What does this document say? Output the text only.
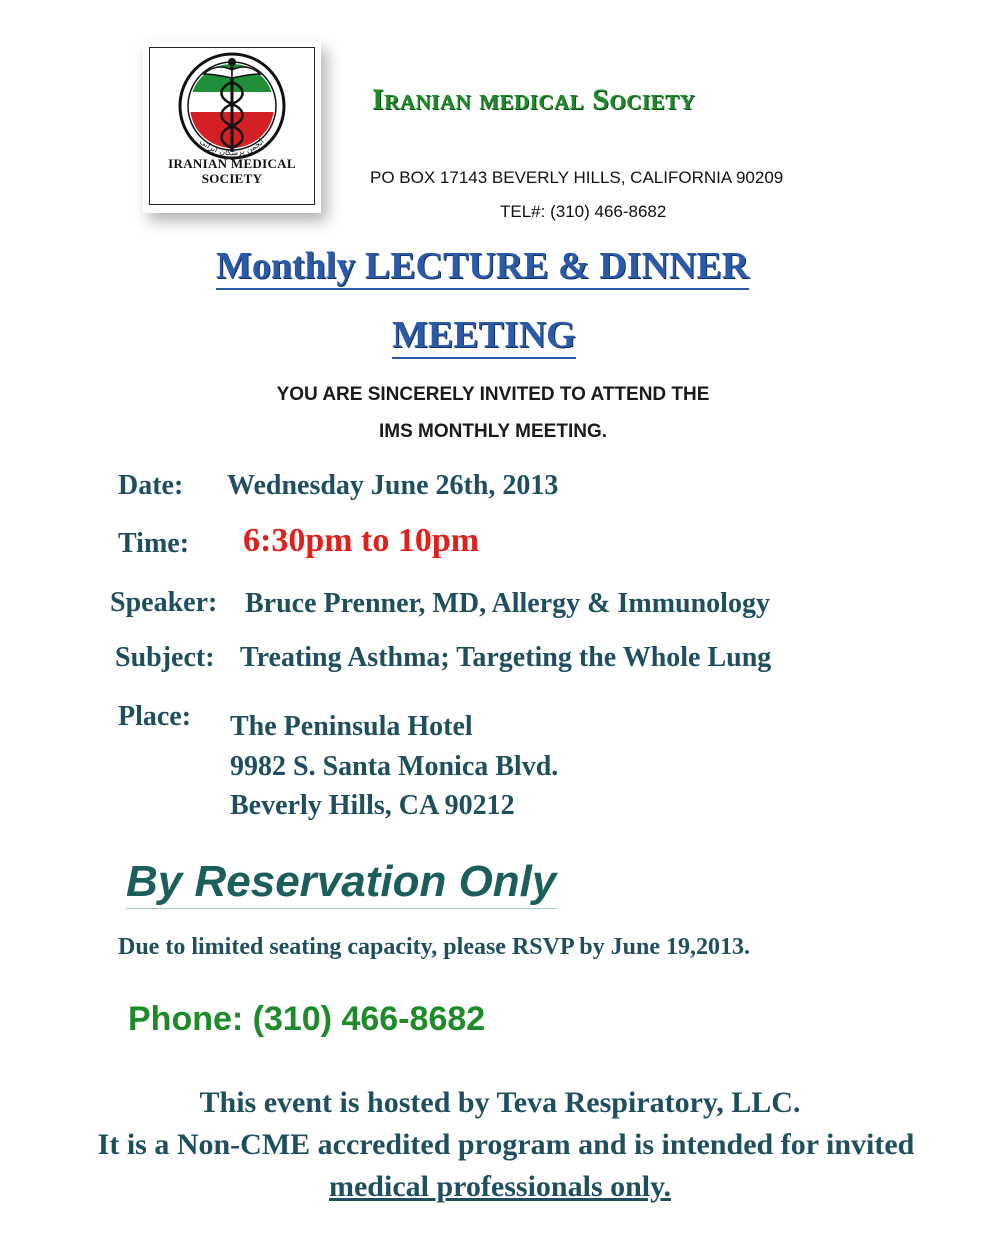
انجمن پزشکان ایرانی
IRANIAN MEDICAL
SOCIETY
Iranian medical Society
PO BOX 17143 BEVERLY HILLS, CALIFORNIA 90209
TEL#: (310) 466-8682
Monthly LECTURE & DINNER
MEETING
YOU ARE SINCERELY INVITED TO ATTEND THE
IMS MONTHLY MEETING.
Date: Wednesday June 26th, 2013
Time: 6:30pm to 10pm
Speaker: Bruce Prenner, MD, Allergy & Immunology
Subject: Treating Asthma; Targeting the Whole Lung
Place: The Peninsula Hotel
9982 S. Santa Monica Blvd.
Beverly Hills, CA 90212
By Reservation Only
Due to limited seating capacity, please RSVP by June 19,2013.
Phone: (310) 466-8682
This event is hosted by Teva Respiratory, LLC.
It is a Non-CME accredited program and is intended for invited
medical professionals only.
